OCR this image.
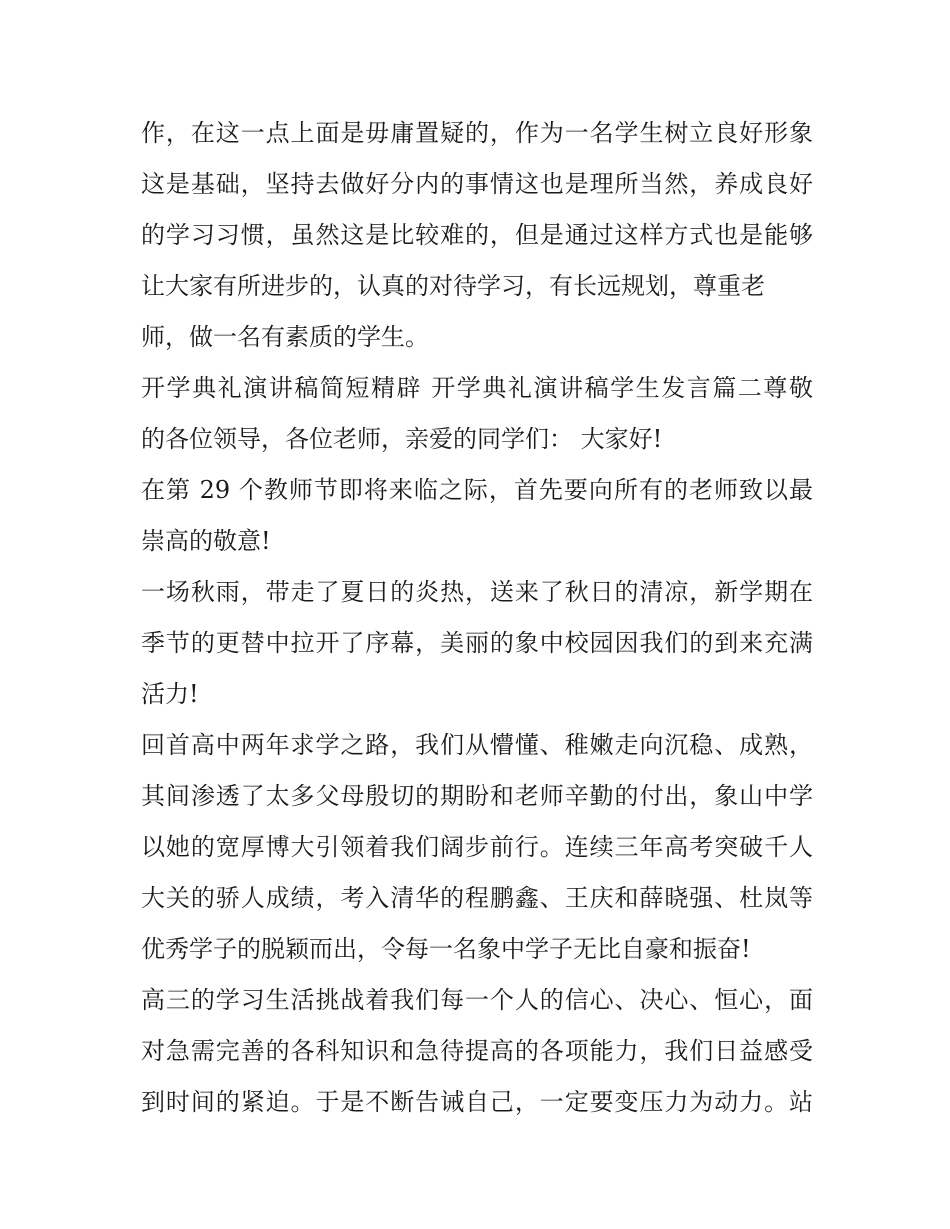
作，在这一点上面是毋庸置疑的，作为一名学生树立良好形象
这是基础，坚持去做好分内的事情这也是理所当然，养成良好
的学习习惯，虽然这是比较难的，但是通过这样方式也是能够
让大家有所进步的，认真的对待学习，有长远规划，尊重老
师，做一名有素质的学生。
开学典礼演讲稿简短精辟 开学典礼演讲稿学生发言篇二尊敬
的各位领导，各位老师，亲爱的同学们： 大家好!
在第 29 个教师节即将来临之际，首先要向所有的老师致以最
崇高的敬意!
一场秋雨，带走了夏日的炎热，送来了秋日的清凉，新学期在
季节的更替中拉开了序幕，美丽的象中校园因我们的到来充满
活力!
回首高中两年求学之路，我们从懵懂、稚嫩走向沉稳、成熟，
其间渗透了太多父母殷切的期盼和老师辛勤的付出，象山中学
以她的宽厚博大引领着我们阔步前行。连续三年高考突破千人
大关的骄人成绩，考入清华的程鹏鑫、王庆和薛晓强、杜岚等
优秀学子的脱颖而出，令每一名象中学子无比自豪和振奋!
高三的学习生活挑战着我们每一个人的信心、决心、恒心，面
对急需完善的各科知识和急待提高的各项能力，我们日益感受
到时间的紧迫。于是不断告诫自己，一定要变压力为动力。站
